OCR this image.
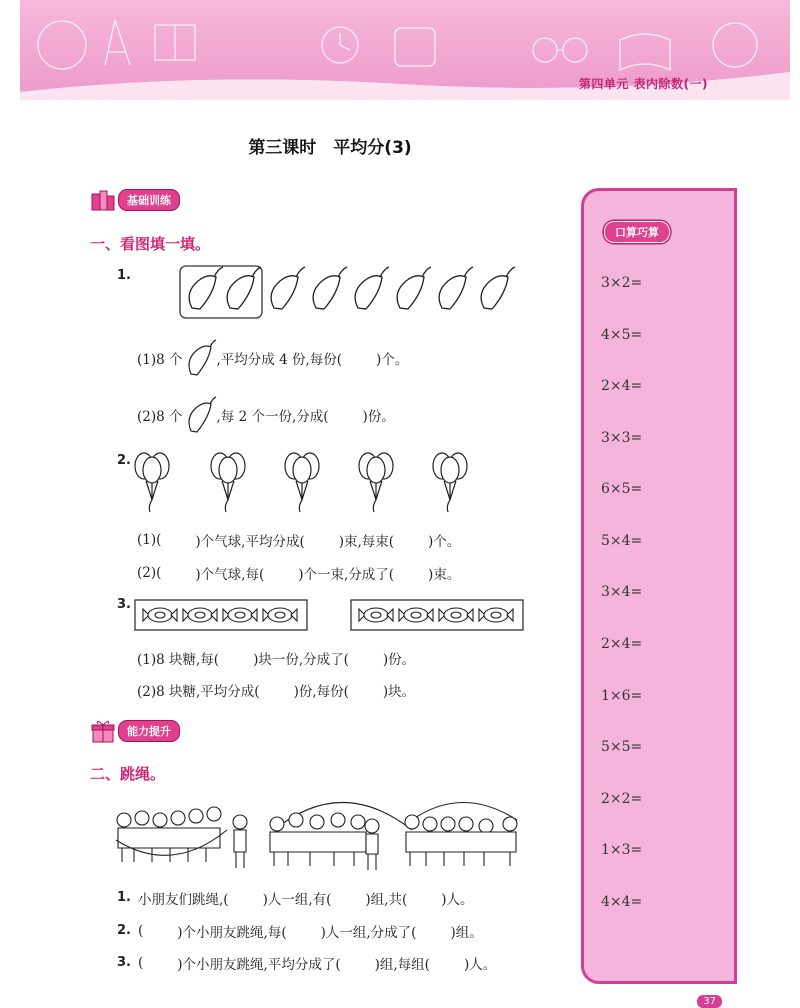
第四单元 表内除数(一)
第三课时　平均分(3)
基础训练
一、看图填一填。
1.
(1)8 个	,平均分成 4 份,每份(	)个。
(2)8 个	,每 2 个一份,分成(	)份。
2.
(1)(	)个气球,平均分成(	)束,每束(	)个。
(2)(	)个气球,每(	)个一束,分成了(	)束。
3.
(1)8 块糖,每(	)块一份,分成了(	)份。
(2)8 块糖,平均分成(	)份,每份(	)块。
能力提升
二、跳绳。
1. 小朋友们跳绳,(	)人一组,有(	)组,共(	)人。
2. (	)个小朋友跳绳,每(	)人一组,分成了(	)组。
3. (	)个小朋友跳绳,平均分成了(	)组,每组(	)人。
口算巧算
3×2=
4×5=
2×4=
3×3=
6×5=
5×4=
3×4=
2×4=
1×6=
5×5=
2×2=
1×3=
4×4=
37
